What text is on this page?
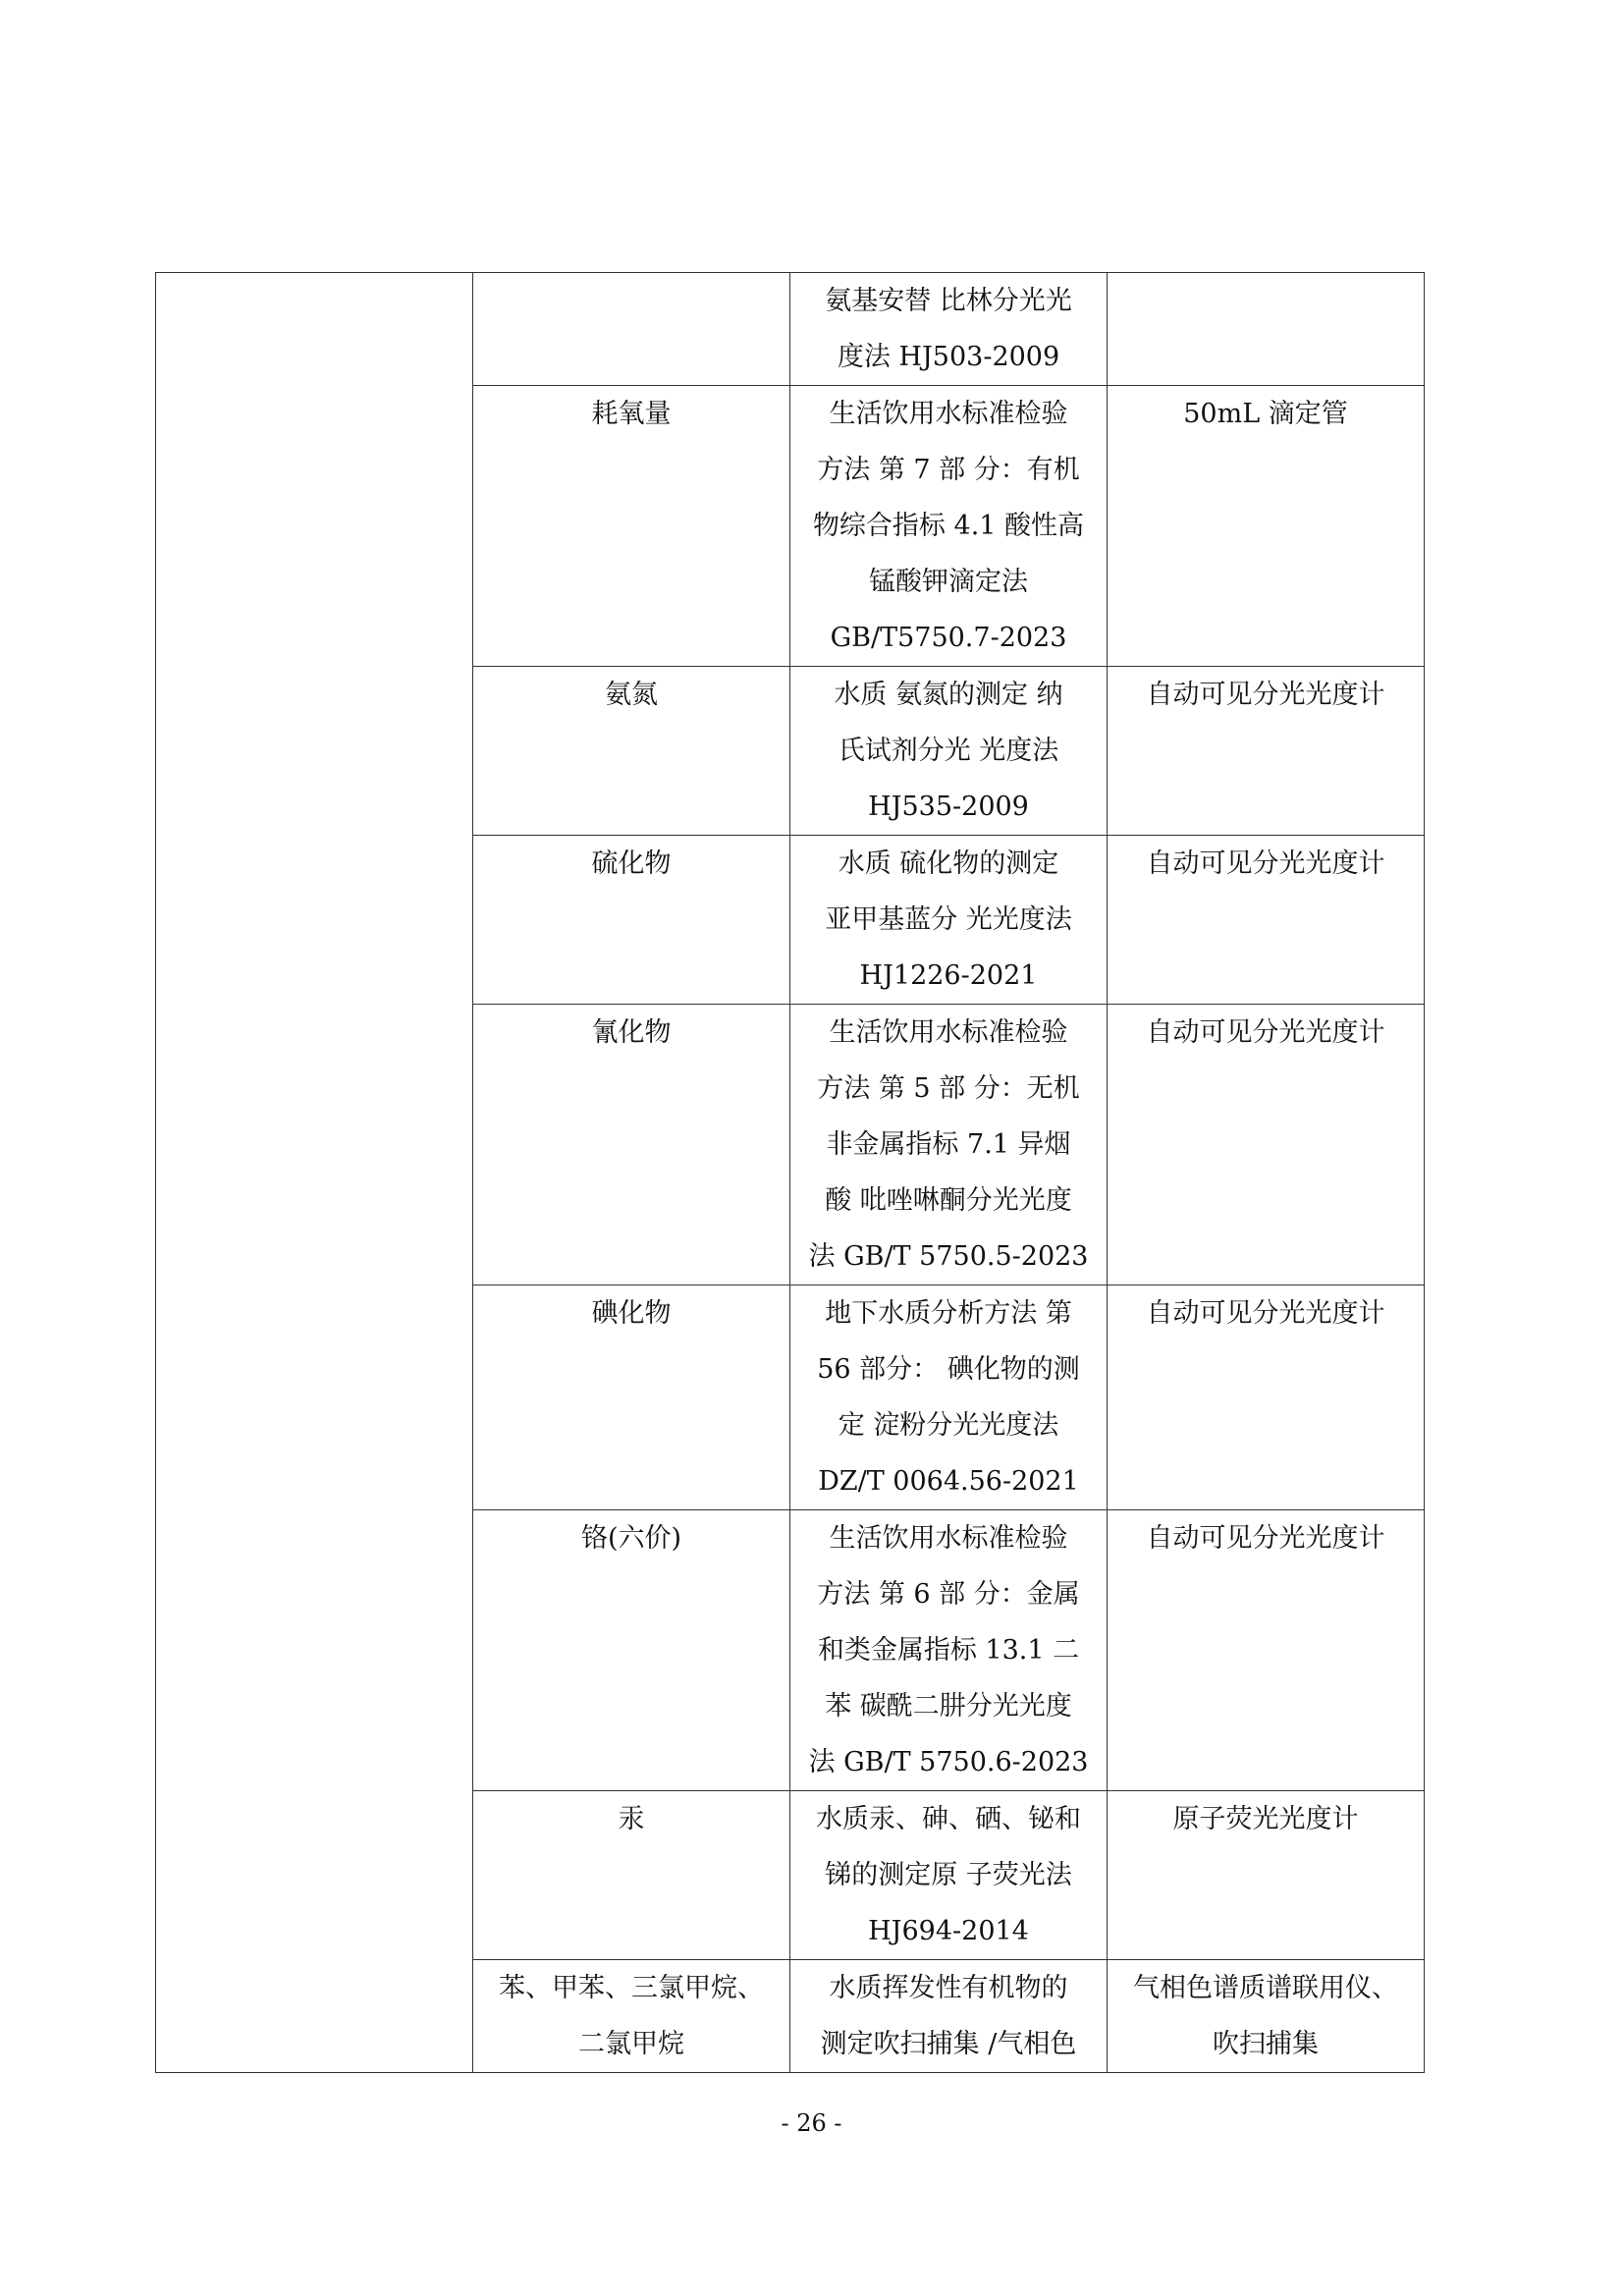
		氨基安替 比林分光光
度法 HJ503-2009	

	耗氧量	生活饮用水标准检验
方法 第 7 部 分：有机
物综合指标 4.1 酸性高
锰酸钾滴定法
GB/T5750.7-2023	50mL 滴定管

	氨氮	水质 氨氮的测定 纳
氏试剂分光 光度法
HJ535-2009	自动可见分光光度计

	硫化物	水质 硫化物的测定
亚甲基蓝分 光光度法
HJ1226-2021	自动可见分光光度计

	氰化物	生活饮用水标准检验
方法 第 5 部 分：无机
非金属指标 7.1 异烟
酸 吡唑啉酮分光光度
法 GB/T 5750.5-2023	自动可见分光光度计

	碘化物	地下水质分析方法 第
56 部分： 碘化物的测
定 淀粉分光光度法
DZ/T 0064.56-2021	自动可见分光光度计

	铬(六价)	生活饮用水标准检验
方法 第 6 部 分：金属
和类金属指标 13.1 二
苯 碳酰二肼分光光度
法 GB/T 5750.6-2023	自动可见分光光度计

	汞	水质汞、砷、硒、铋和
锑的测定原 子荧光法
HJ694-2014	原子荧光光度计

	苯、甲苯、三氯甲烷、
二氯甲烷	水质挥发性有机物的
测定吹扫捕集 /气相色	气相色谱质谱联用仪、
吹扫捕集
- 26 -
